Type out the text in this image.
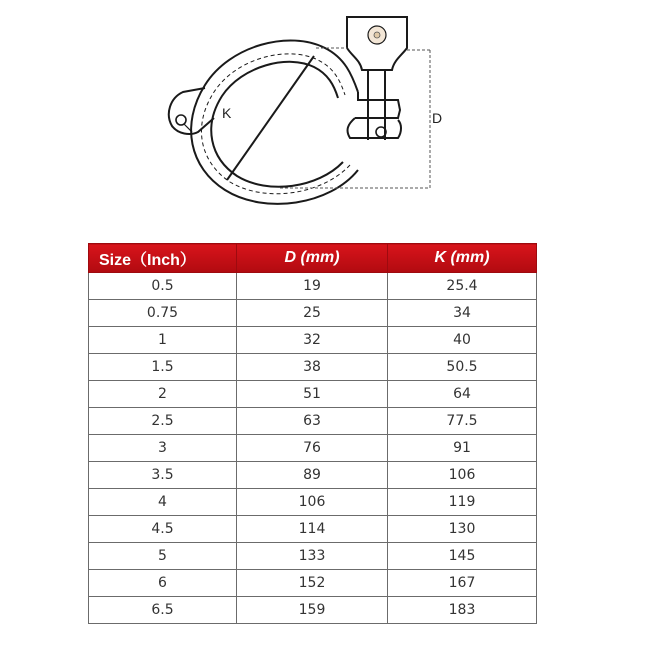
K	D
Size（Inch）	D (mm)	K (mm)
0.5	19	25.4
0.75	25	34
1	32	40
1.5	38	50.5
2	51	64
2.5	63	77.5
3	76	91
3.5	89	106
4	106	119
4.5	114	130
5	133	145
6	152	167
6.5	159	183
